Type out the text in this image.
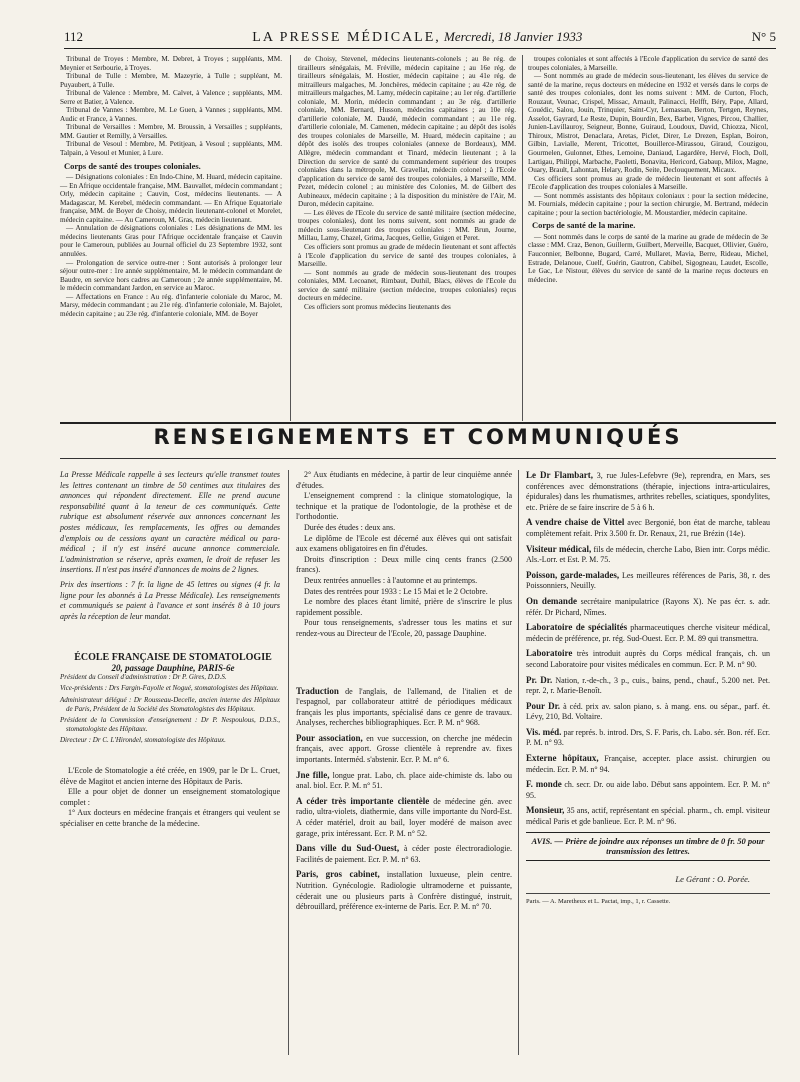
112	LA PRESSE MÉDICALE, Mercredi, 18 Janvier 1933	N° 5

Tribunal de Troyes : Membre, M. Debret, à Troyes ; suppléants, MM. Meynier et Serbourie, à Troyes.

Tribunal de Tulle : Membre, M. Mazeyrie, à Tulle ; suppléant, M. Puyaubert, à Tulle.

Tribunal de Valence : Membre, M. Calvet, à Valence ; suppléants, MM. Serre et Batier, à Valence.

Tribunal de Vannes : Membre, M. Le Guen, à Vannes ; suppléants, MM. Audic et France, à Vannes.

Tribunal de Versailles : Membre, M. Broussin, à Versailles ; suppléants, MM. Gautier et Remilly, à Versailles.

Tribunal de Vesoul : Membre, M. Petitjean, à Vesoul ; suppléants, MM. Talpain, à Vesoul et Munier, à Lure.

Corps de santé des troupes coloniales.

— Désignations coloniales : En Indo-Chine, M. Huard, médecin capitaine. — En Afrique occidentale française, MM. Bauvallet, médecin commandant ; Orly, médecin capitaine ; Cauvin, Cost, médecins lieutenants. — A Madagascar, M. Kerebel, médecin commandant. — En Afrique Equatoriale française, MM. de Boyer de Choisy, médecin lieutenant-colonel et Morelet, médecin capitaine. — Au Cameroun, M. Gras, médecin lieutenant.

— Annulation de désignations coloniales : Les désignations de MM. les médecins lieutenants Gras pour l'Afrique occidentale française et Cauvin pour le Cameroun, publiées au Journal officiel du 23 Septembre 1932, sont annulées.

— Prolongation de service outre-mer : Sont autorisés à prolonger leur séjour outre-mer : 1re année supplémentaire, M. le médecin commandant de Baudre, en service hors cadres au Cameroun ; 2e année supplémentaire, M. le médecin commandant Jardon, en service au Maroc.

— Affectations en France : Au rég. d'infanterie coloniale du Maroc, M. Marsy, médecin commandant ; au 21e rég. d'infanterie coloniale, M. Bajolet, médecin capitaine ; au 23e rég. d'infanterie coloniale, MM. de Boyer

de Choisy, Stevenel, médecins lieutenants-colonels ; au 8e rég. de tirailleurs sénégalais, M. Fréville, médecin capitaine ; au 16e rég. de tirailleurs sénégalais, M. Hostier, médecin capitaine ; au 41e rég. de mitrailleurs malgaches, M. Jonchères, médecin capitaine ; au 42e rég. de mitrailleurs malgaches, M. Lamy, médecin capitaine ; au 1er rég. d'artillerie coloniale, M. Morin, médecin commandant ; au 3e rég. d'artillerie coloniale, MM. Bernard, Husson, médecins capitaines ; au 10e rég. d'artillerie coloniale, M. Daudé, médecin commandant ; au 11e rég. d'artillerie coloniale, M. Camenen, médecin capitaine ; au dépôt des isolés des troupes coloniales de Marseille, M. Huard, médecin capitaine ; au dépôt des isolés des troupes coloniales (annexe de Bordeaux), MM. Allègre, médecin commandant et Tinard, médecin lieutenant ; à la Direction du service de santé du commandement supérieur des troupes coloniales dans la métropole, M. Gravellat, médecin colonel ; à l'Ecole d'application du service de santé des troupes coloniales, à Marseille, MM. Pezet, médecin colonel ; au ministère des Colonies, M. de Gilbert des Aubineaux, médecin capitaine ; à la disposition du ministère de l'Air, M. Duron, médecin capitaine.

— Les élèves de l'Ecole du service de santé militaire (section médecine, troupes coloniales), dont les noms suivent, sont nommés au grade de médecin sous-lieutenant des troupes coloniales : MM. Brun, Journe, Millau, Lamy, Chazel, Grima, Jacques, Gellie, Guigen et Peret.

Ces officiers sont promus au grade de médecin lieutenant et sont affectés à l'Ecole d'application du service de santé des troupes coloniales, à Marseille.

— Sont nommés au grade de médecin sous-lieutenant des troupes coloniales, MM. Lecoanet, Rimbaut, Duthil, Blacs, élèves de l'Ecole du service de santé militaire (section médecine, troupes coloniales) reçus docteurs en médecine.

Ces officiers sont promus médecins lieutenants des

troupes coloniales et sont affectés à l'Ecole d'application du service de santé des troupes coloniales, à Marseille.

— Sont nommés au grade de médecin sous-lieutenant, les élèves du service de santé de la marine, reçus docteurs en médecine en 1932 et versés dans le corps de santé des troupes coloniales, dont les noms suivent : MM. de Curton, Floch, Rouzaut, Veunac, Crispel, Missac, Arnault, Palinacci, Helfft, Béry, Pape, Allard, Couédic, Salou, Jouin, Trinquier, Saint-Cyr, Lemassan, Berton, Tertgen, Reynes, Asselot, Gayrard, Le Reste, Dupin, Bourdin, Bex, Barbet, Vignes, Pircou, Challier, Junien-Lavillauroy, Seigneur, Bonne, Guiraud, Loudoux, David, Chiozza, Nicol, Thiroux, Mistrot, Denaclara, Aretas, Piclet, Direr, Le Drezen, Esplan, Boiron, Gilbin, Lavialle, Merent, Tricottet, Bouillerce-Mirassou, Giraud, Couzigou, Gourmelen, Gulonnet, Ethes, Lemoine, Daniaud, Lagardère, Hervé, Floch, Doll, Lartigau, Philippi, Marbache, Paoletti, Bonavita, Hericord, Gabaup, Milox, Magne, Ouary, Brault, Lahontan, Helary, Rodin, Seite, Declouquement, Micaux.

Ces officiers sont promus au grade de médecin lieutenant et sont affectés à l'Ecole d'application des troupes coloniales à Marseille.

— Sont nommés assistants des hôpitaux coloniaux : pour la section médecine, M. Fournials, médecin capitaine ; pour la section chirurgie, M. Bertrand, médecin capitaine ; pour la section bactériologie, M. Moustardier, médecin capitaine.

Corps de santé de la marine.

— Sont nommés dans le corps de santé de la marine au grade de médecin de 3e classe : MM. Craz, Benon, Guillerm, Guilbert, Merveille, Bacquet, Ollivier, Guéro, Fauconnier, Belbonne, Bugard, Carré, Mullaret, Mavia, Berre, Rideau, Michel, Estrade, Delanoue, Cuelf, Guérin, Gautron, Cabibel, Sigogneau, Laudet, Escolle, Le Gac, Le Nistour, élèves du service de santé de la marine reçus docteurs en médecine.

RENSEIGNEMENTS ET COMMUNIQUÉS
La Presse Médicale rappelle à ses lecteurs qu'elle transmet toutes les lettres contenant un timbre de 50 centimes aux titulaires des annonces qui répondent directement. Elle ne prend aucune responsabilité quant à la teneur de ces communiqués. Cette rubrique est absolument réservée aux annonces concernant les postes médicaux, les remplacements, les offres ou demandes d'emplois ou de cessions ayant un caractère médical ou para-médical ; il n'y est inséré aucune annonce commerciale. L'administration se réserve, après examen, le droit de refuser les insertions. Il n'est pas inséré d'annonces de moins de 2 lignes.
Prix des insertions : 7 fr. la ligne de 45 lettres ou signes (4 fr. la ligne pour les abonnés à La Presse Médicale). Les renseignements et communiqués se paient à l'avance et sont insérés 8 à 10 jours après la réception de leur mandat.

ÉCOLE FRANÇAISE DE STOMATOLOGIE

20, passage Dauphine, PARIS-6e

Président du Conseil d'administration : Dr P. Gires, D.D.S.

Vice-présidents : Drs Fargin-Fayolle et Nogué, stomatologistes des Hôpitaux.

Administrateur délégué : Dr Rousseau-Decelle, ancien interne des Hôpitaux de Paris, Président de la Société des Stomatologistes des Hôpitaux.

Président de la Commission d'enseignement : Dr P. Nespoulous, D.D.S., stomatologiste des Hôpitaux.

Directeur : Dr C. L'Hirondel, stomatologiste des Hôpitaux.

L'Ecole de Stomatologie a été créée, en 1909, par le Dr L. Cruet, élève de Magitot et ancien interne des Hôpitaux de Paris.

Elle a pour objet de donner un enseignement stomatologique complet :

1° Aux docteurs en médecine français et étrangers qui veulent se spécialiser en cette branche de la médecine.

2° Aux étudiants en médecine, à partir de leur cinquième année d'études.

L'enseignement comprend : la clinique stomatologique, la technique et la pratique de l'odontologie, de la prothèse et de l'orthodontie.

Durée des études : deux ans.

Le diplôme de l'Ecole est décerné aux élèves qui ont satisfait aux examens obligatoires en fin d'études.

Droits d'inscription : Deux mille cinq cents francs (2.500 francs).

Deux rentrées annuelles : à l'automne et au printemps.

Dates des rentrées pour 1933 : Le 15 Mai et le 2 Octobre.

Le nombre des places étant limité, prière de s'inscrire le plus rapidement possible.

Pour tous renseignements, s'adresser tous les matins et sur rendez-vous au Directeur de l'Ecole, 20, passage Dauphine.

Traduction de l'anglais, de l'allemand, de l'italien et de l'espagnol, par collaborateur attitré de périodiques médicaux français les plus importants, spécialisé dans ce genre de travaux. Analyses, recherches bibliographiques. Ecr. P. M. n° 968.
Pour association, en vue succession, on cherche jne médecin français, avec apport. Grosse clientèle à reprendre av. fixes importants. Interméd. s'abstenir. Ecr. P. M. n° 6.
Jne fille, longue prat. Labo, ch. place aide-chimiste ds. labo ou anal. biol. Ecr. P. M. n° 51.
A céder très importante clientèle de médecine gén. avec radio, ultra-violets, diathermie, dans ville importante du Nord-Est. A céder matériel, droit au bail, loyer modéré de maison avec garage, prix intéressant. Ecr. P. M. n° 52.
Dans ville du Sud-Ouest, à céder poste électroradiologie. Facilités de paiement. Ecr. P. M. n° 63.
Paris, gros cabinet, installation luxueuse, plein centre. Nutrition. Gynécologie. Radiologie ultramoderne et puissante, céderait une ou plusieurs parts à Confrère distingué, instruit, débrouillard, préférence ex-interne de Paris. Ecr. P. M. n° 70.
Le Dr Flambart, 3, rue Jules-Lefebvre (9e), reprendra, en Mars, ses conférences avec démonstrations (thérapie, injections intra-articulaires, épidurales) dans les rhumatismes, arthrites rebelles, sciatiques, spondylites, etc. Prière de se faire inscrire de 5 à 6 h.
A vendre chaise de Vittel avec Bergonié, bon état de marche, tableau complètement refait. Prix 3.500 fr. Dr. Renaux, 21, rue Brézin (14e).
Visiteur médical, fils de médecin, cherche Labo, Bien intr. Corps médic. Als.-Lorr. et Est. P. M. 75.
Poisson, garde-malades, Les meilleures références de Paris, 38, r. des Poissonniers, Neuilly.
On demande secrétaire manipulatrice (Rayons X). Ne pas écr. s. adr. référ. Dr Pichard, Nîmes.
Laboratoire de spécialités pharmaceutiques cherche visiteur médical, médecin de préférence, pr. rég. Sud-Ouest. Ecr. P. M. 89 qui transmettra.
Laboratoire très introduit auprès du Corps médical français, ch. un second Laboratoire pour visites médicales en commun. Ecr. P. M. n° 90.
Pr. Dr. Nation, r.-de-ch., 3 p., cuis., bains, pend., chauf., 5.200 net. Pet. repr. 2, r. Marie-Benoît.
Pour Dr. à céd. prix av. salon piano, s. à mang. ens. ou sépar., parf. ét. Lévy, 210, Bd. Voltaire.
Vis. méd. par représ. b. introd. Drs, S. F. Paris, ch. Labo. sér. Bon. réf. Ecr. P. M. n° 93.
Externe hôpitaux, Française, accepter. place assist. chirurgien ou médecin. Ecr. P. M. n° 94.
F. monde ch. secr. Dr. ou aide labo. Début sans appointem. Ecr. P. M. n° 95.
Monsieur, 35 ans, actif, représentant en spécial. pharm., ch. empl. visiteur médical Paris et gde banlieue. Ecr. P. M. n° 96.
AVIS. — Prière de joindre aux réponses un timbre de 0 fr. 50 pour transmission des lettres.
Le Gérant : O. Porée.
Paris. — A. Maretheux et L. Pactat, imp., 1, r. Cassette.
